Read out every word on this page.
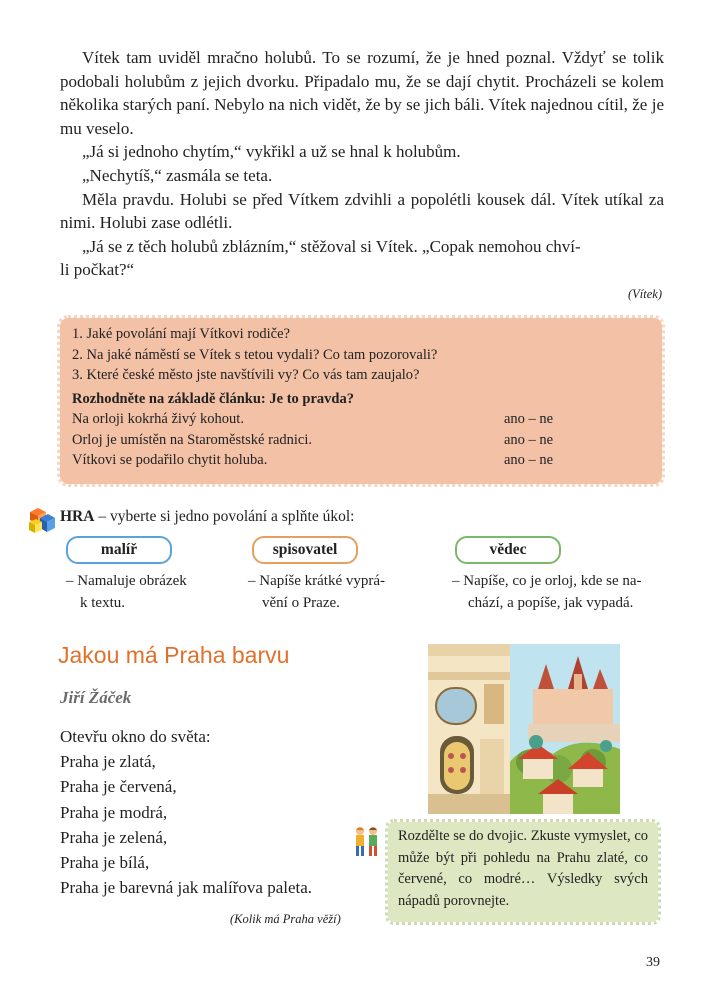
Vítek tam uviděl mračno holubů. To se rozumí, že je hned poznal. Vždyť se tolik podobali holubům z jejich dvorku. Připadalo mu, že se dají chytit. Procházeli se kolem několika starých paní. Nebylo na nich vidět, že by se jich báli. Vítek najednou cítil, že je mu veselo.

„Já si jednoho chytím,“ vykřikl a už se hnal k holubům.

„Nechytíš,“ zasmála se teta.

Měla pravdu. Holubi se před Vítkem zdvihli a popolétli kousek dál. Vítek utíkal za nimi. Holubi zase odlétli.

„Já se z těch holubů zblázním,“ stěžoval si Vítek. „Copak nemohou chví-

li počkat?“

(Vítek)

1. Jaké povolání mají Vítkovi rodiče?

2. Na jaké náměstí se Vítek s tetou vydali? Co tam pozorovali?

3. Které české město jste navštívili vy? Co vás tam zaujalo?

Rozhodněte na základě článku: Je to pravda?

Na orloji kokrhá živý kohout.	ano – ne
Orloj je umístěn na Staroměstské radnici.	ano – ne
Vítkovi se podařilo chytit holuba.	ano – ne
HRA – vyberte si jedno povolání a splňte úkol:
malíř	spisovatel	vědec
– Namaluje obrázek
k textu.
– Napíše krátké vyprá-
vění o Praze.
– Napíše, co je orloj, kde se na-
chází, a popíše, jak vypadá.
Jakou má Praha barvu
Jiří Žáček
Otevřu okno do světa:
Praha je zlatá,
Praha je červená,
Praha je modrá,
Praha je zelená,
Praha je bílá,
Praha je barevná jak malířova paleta.
(Kolik má Praha věží)
Rozdělte se do dvojic. Zkuste vymyslet, co může být při pohledu na Prahu zlaté, co červené, co modré… Výsledky svých nápadů porovnejte.
39
